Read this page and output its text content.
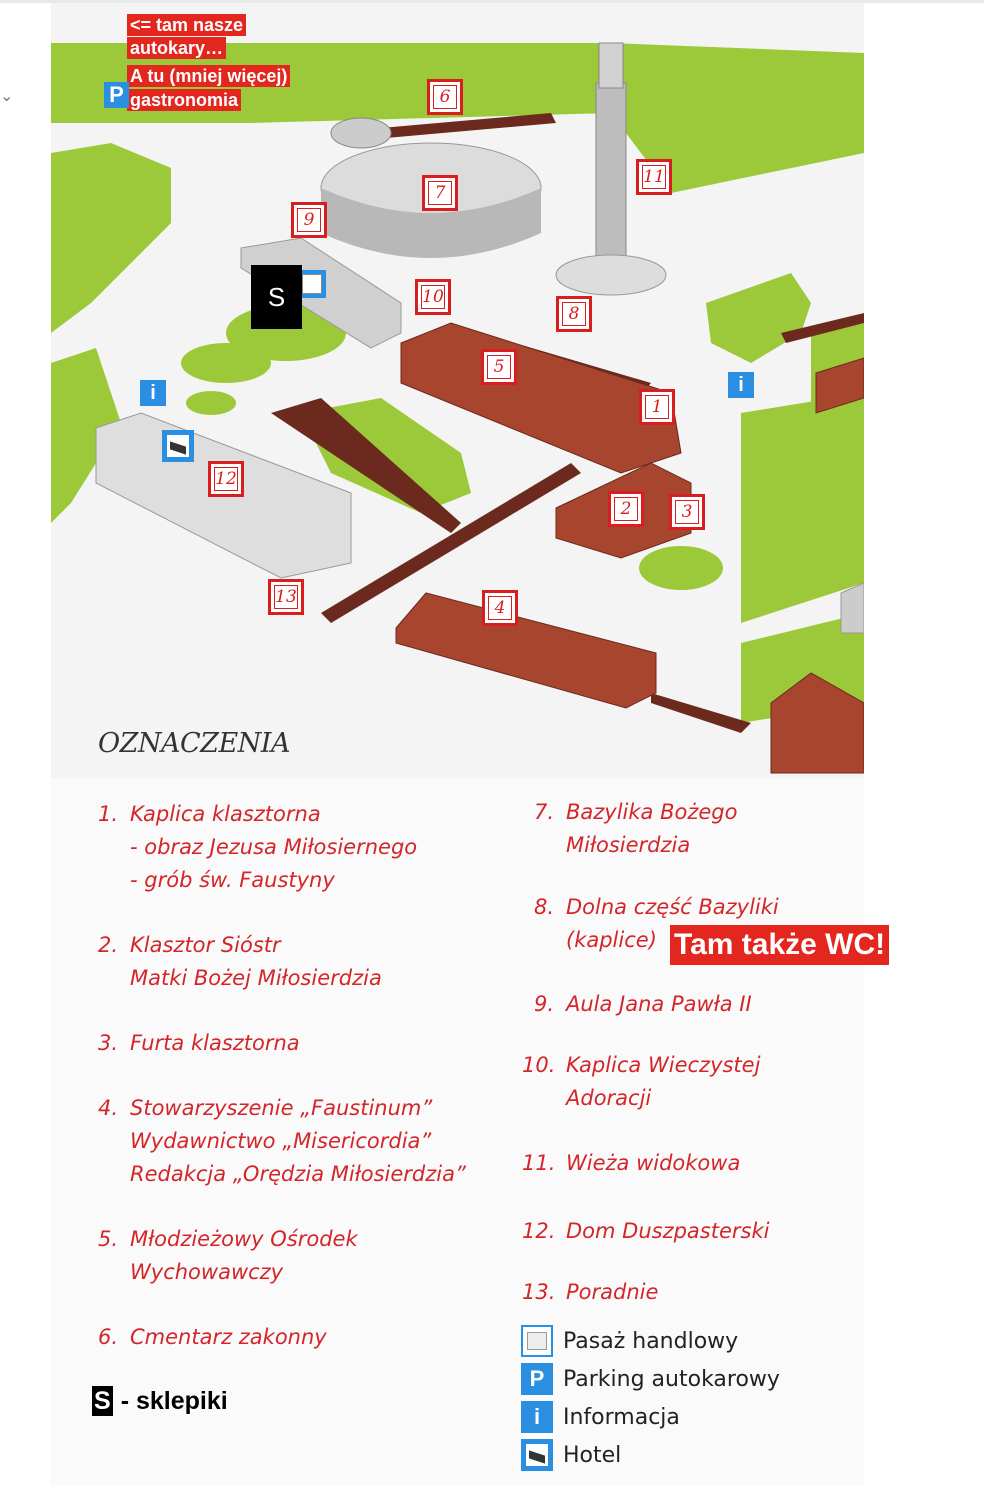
⌄	6
7
11
9
10
8
5
1
2	3
12
13
4
i	i
S
<= tam nasze
autokary…
A tu (mniej więcej)
gastronomia
P
OZNACZENIA
1. Kaplica klasztorna
- obraz Jezusa Miłosiernego
- grób św. Faustyny
2. Klasztor Sióstr
Matki Bożej Miłosierdzia
3. Furta klasztorna
4. Stowarzyszenie „Faustinum”
Wydawnictwo „Misericordia”
Redakcja „Orędzia Miłosierdzia”
5. Młodzieżowy Ośrodek
Wychowawczy
6. Cmentarz zakonny
7. Bazylika Bożego
Miłosierdzia
8. Dolna część Bazyliki
(kaplice)
9. Aula Jana Pawła II
10. Kaplica Wieczystej
Adoracji
11. Wieża widokowa
12. Dom Duszpasterski
13. Poradnie
Tam także WC!
Pasaż handlowy
P Parking autokarowy
i	Informacja
Hotel
S - sklepiki
